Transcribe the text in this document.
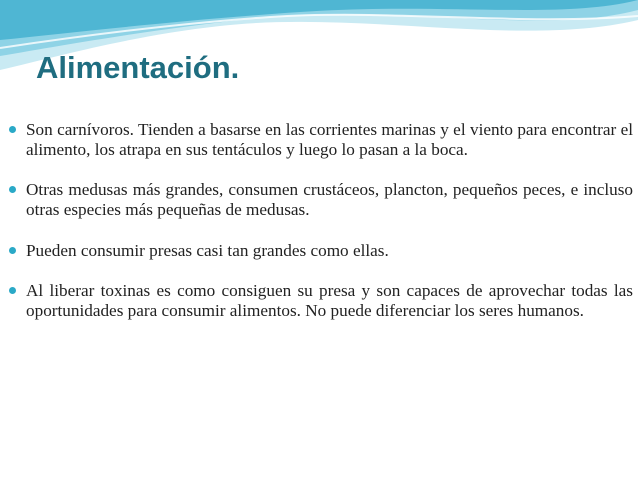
Alimentación.
Son carnívoros. Tienden a basarse en las corrientes marinas y el viento para encontrar el alimento, los atrapa en sus tentáculos y luego lo pasan a la boca.
Otras medusas más grandes, consumen crustáceos, plancton, pequeños peces, e incluso otras especies más pequeñas de medusas.
Pueden consumir presas casi tan grandes como ellas.
Al liberar toxinas es como consiguen su presa y son capaces de aprovechar todas las oportunidades para consumir alimentos. No puede diferenciar los seres humanos.
